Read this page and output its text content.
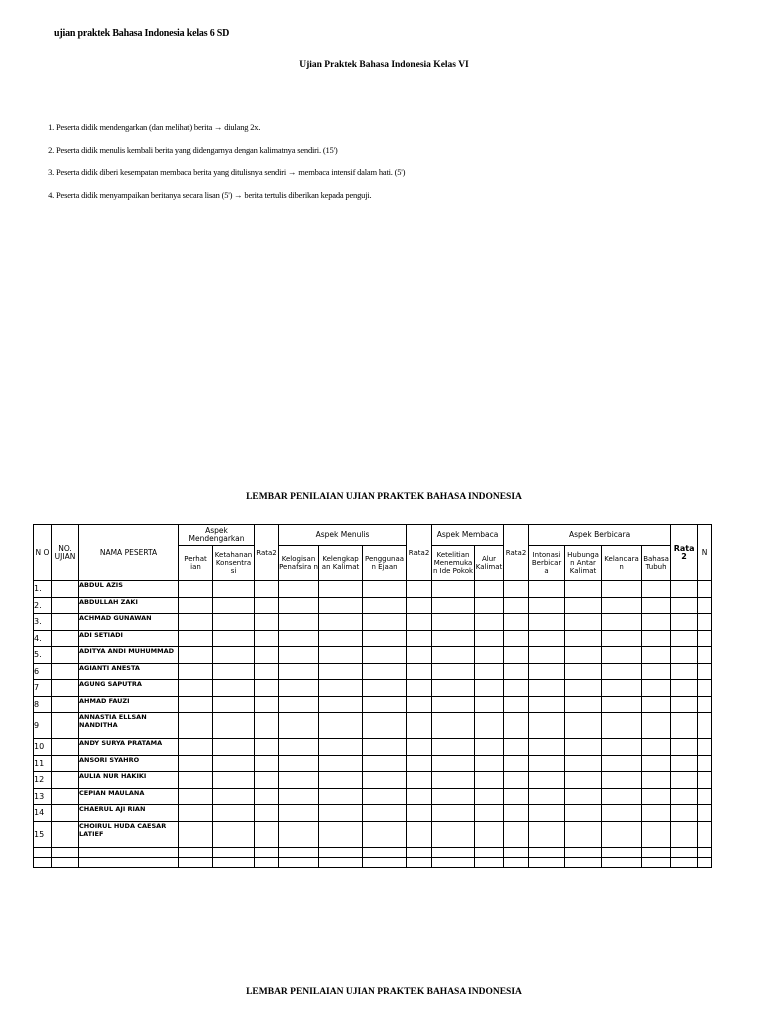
ujian praktek Bahasa Indonesia kelas 6 SD
Ujian Praktek Bahasa Indonesia Kelas VI
1. Peserta didik mendengarkan (dan melihat) berita → diulang 2x.
2. Peserta didik menulis kembali berita yang didengarnya dengan kalimatnya sendiri. (15')
3. Peserta didik diberi kesempatan membaca berita yang ditulisnya sendiri → membaca intensif dalam hati. (5')
4. Peserta didik menyampaikan beritanya secara lisan (5') → berita tertulis diberikan kepada penguji.
LEMBAR PENILAIAN UJIAN PRAKTEK BAHASA INDONESIA
N O	NO. UJIAN	NAMA PESERTA	Aspek Mendengarkan		Rata2	Aspek Menulis			Rata2	Aspek Membaca		Rata2	Aspek Berbicara				Rata 2	N
			Perhat ian	Ketahanan Konsentra si		Kelogisan Penafsira n	Kelengkap an Kalimat	Penggunaa n Ejaan		Ketelitian Menemuka n Ide Pokok	Alur Kalimat		Intonasi Berbicar a	Hubunga n Antar Kalimat	Kelancara n	Bahasa Tubuh		
1.		ABDUL AZIS																
2.		ABDULLAH ZAKI																
3.		ACHMAD GUNAWAN																
4.		ADI SETIADI																
5.		ADITYA ANDI MUHUMMAD																
6		AGIANTI ANESTA																
7		AGUNG SAPUTRA																
8		AHMAD FAUZI																
9		ANNASTIA ELLSAN NANDITHA																
10		ANDY SURYA PRATAMA																
11		ANSORI SYAHRO																
12		AULIA NUR HAKIKI																
13		CEPIAN MAULANA																
14		CHAERUL AJI RIAN																
15		CHOIRUL HUDA CAESAR LATIEF																

LEMBAR PENILAIAN UJIAN PRAKTEK BAHASA INDONESIA
